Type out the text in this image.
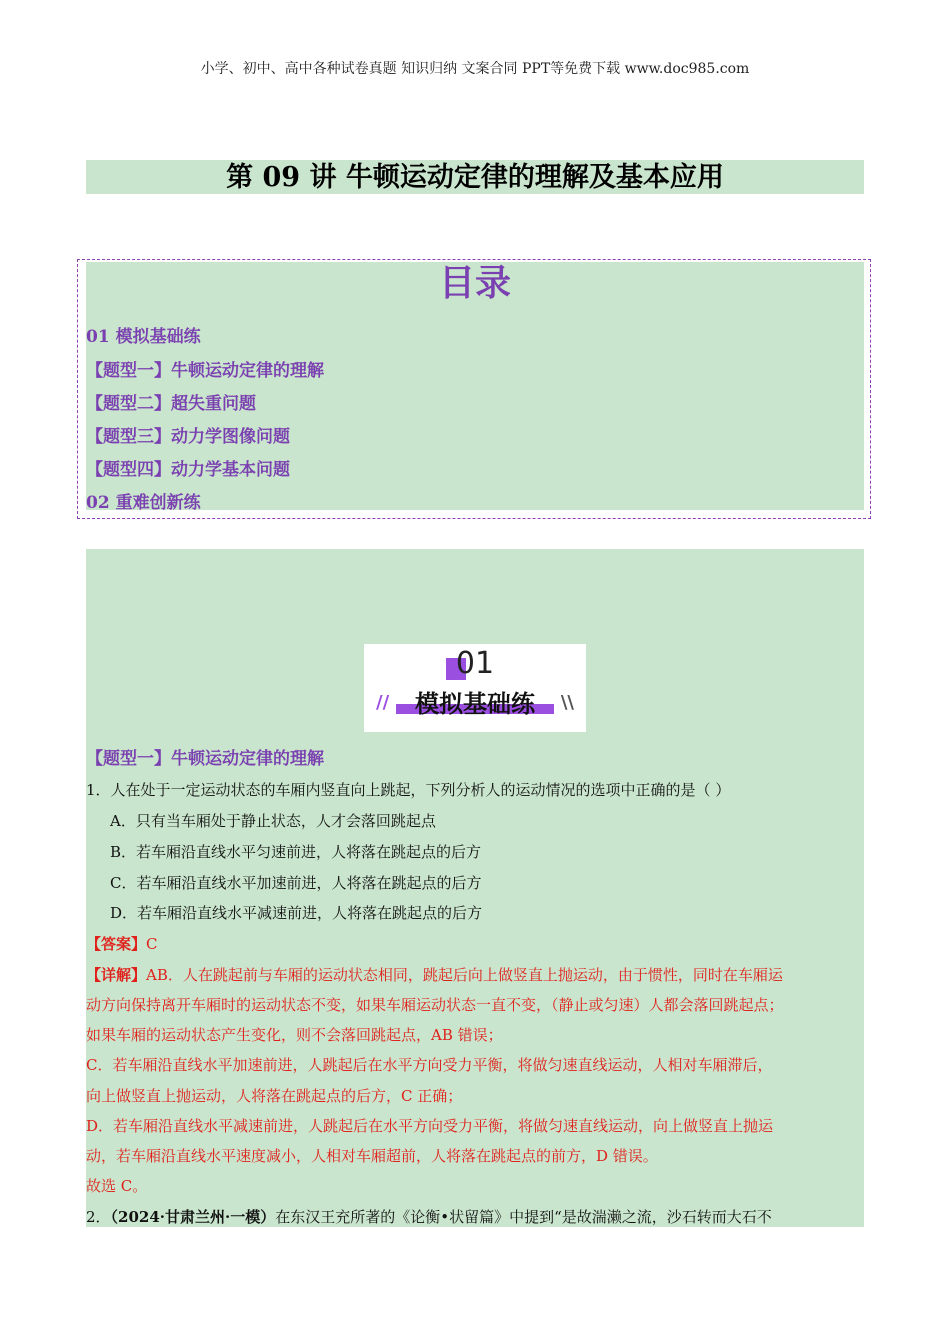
小学、初中、高中各种试卷真题 知识归纳 文案合同 PPT等免费下载 www.doc985.com
第 09 讲 牛顿运动定律的理解及基本应用
目录
01 模拟基础练
【题型一】牛顿运动定律的理解
【题型二】超失重问题
【题型三】动力学图像问题
【题型四】动力学基本问题
02 重难创新练
01
模拟基础练
//	\\
【题型一】牛顿运动定律的理解
1．人在处于一定运动状态的车厢内竖直向上跳起，下列分析人的运动情况的选项中正确的是（ ）
A．只有当车厢处于静止状态，人才会落回跳起点
B．若车厢沿直线水平匀速前进，人将落在跳起点的后方
C．若车厢沿直线水平加速前进，人将落在跳起点的后方
D．若车厢沿直线水平减速前进，人将落在跳起点的后方
【答案】C
【详解】AB．人在跳起前与车厢的运动状态相同，跳起后向上做竖直上抛运动，由于惯性，同时在车厢运
动方向保持离开车厢时的运动状态不变，如果车厢运动状态一直不变，（静止或匀速）人都会落回跳起点；
如果车厢的运动状态产生变化，则不会落回跳起点，AB 错误；
C．若车厢沿直线水平加速前进，人跳起后在水平方向受力平衡，将做匀速直线运动，人相对车厢滞后，
向上做竖直上抛运动，人将落在跳起点的后方，C 正确；
D．若车厢沿直线水平减速前进，人跳起后在水平方向受力平衡，将做匀速直线运动，向上做竖直上抛运
动，若车厢沿直线水平速度减小，人相对车厢超前，人将落在跳起点的前方，D 错误。
故选 C。
2．（2024·甘肃兰州·一模）在东汉王充所著的《论衡•状留篇》中提到“是故湍濑之流，沙石转而大石不
